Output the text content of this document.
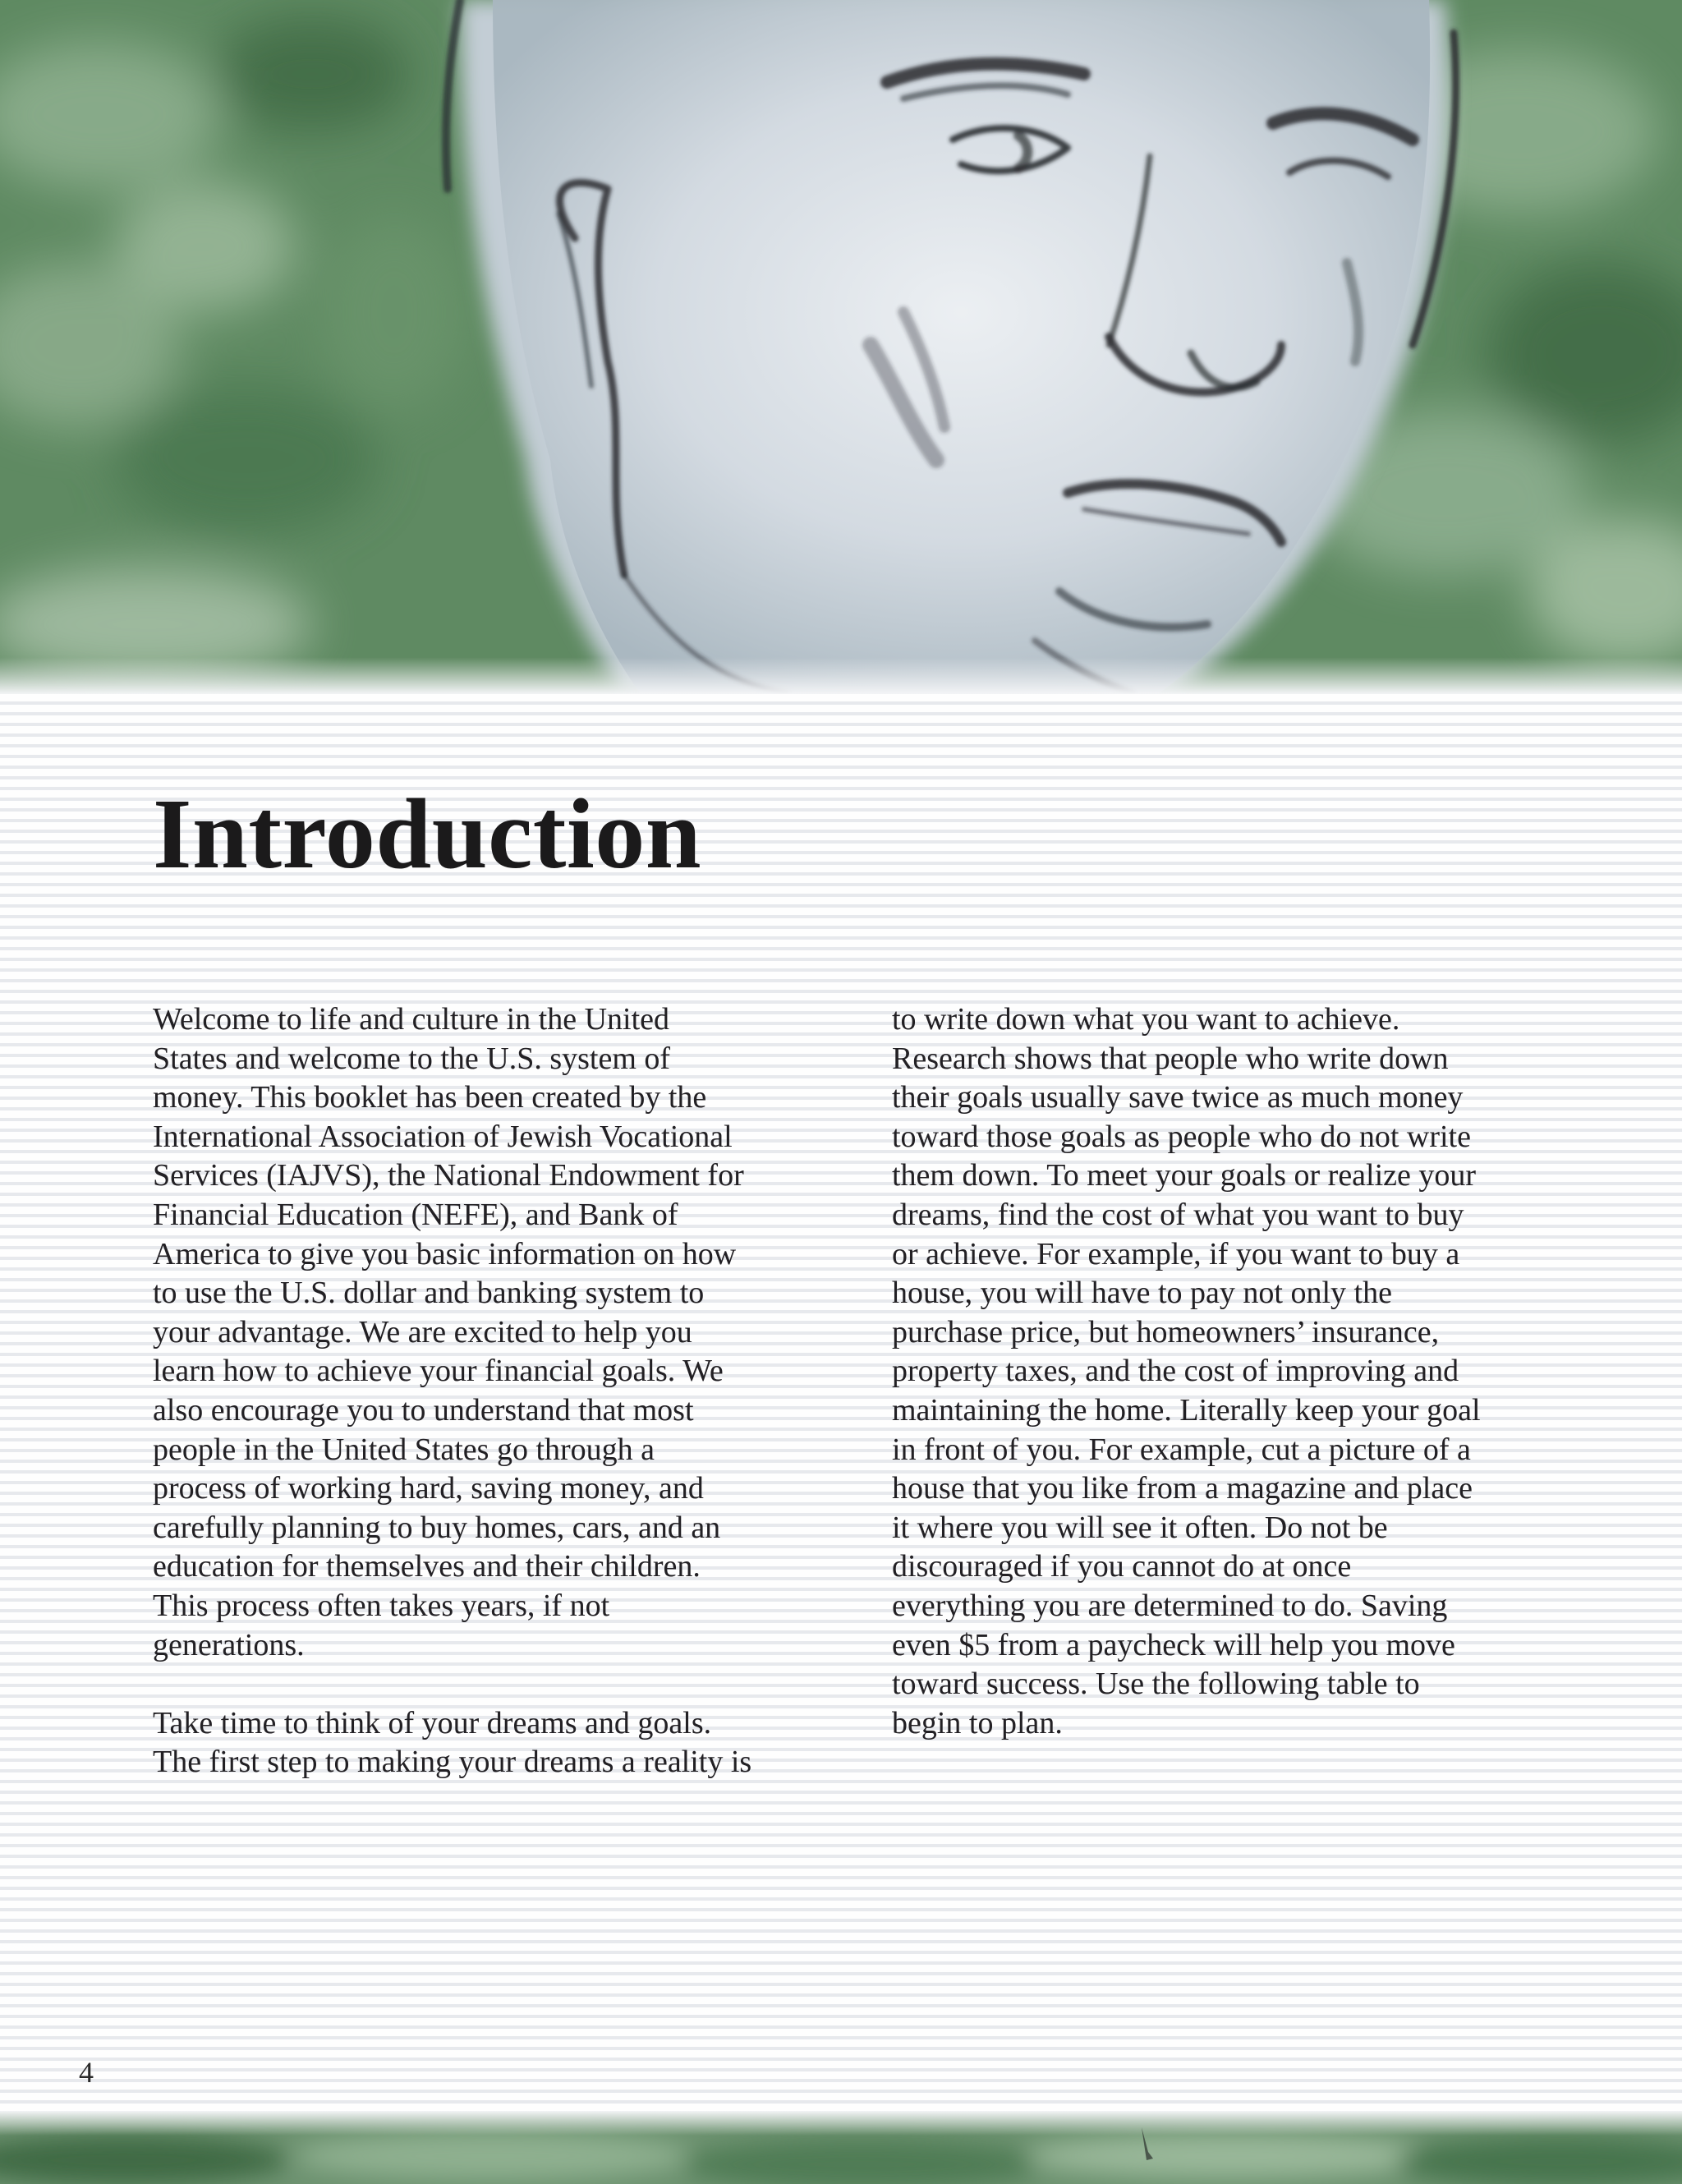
Introduction
Welcome to life and culture in the United
States and welcome to the U.S. system of
money. This booklet has been created by the
International Association of Jewish Vocational
Services (IAJVS), the National Endowment for
Financial Education (NEFE), and Bank of
America to give you basic information on how
to use the U.S. dollar and banking system to
your advantage. We are excited to help you
learn how to achieve your financial goals. We
also encourage you to understand that most
people in the United States go through a
process of working hard, saving money, and
carefully planning to buy homes, cars, and an
education for themselves and their children.
This process often takes years, if not
generations.
Take time to think of your dreams and goals.
The first step to making your dreams a reality is
to write down what you want to achieve.
Research shows that people who write down
their goals usually save twice as much money
toward those goals as people who do not write
them down. To meet your goals or realize your
dreams, find the cost of what you want to buy
or achieve. For example, if you want to buy a
house, you will have to pay not only the
purchase price, but homeowners’ insurance,
property taxes, and the cost of improving and
maintaining the home. Literally keep your goal
in front of you. For example, cut a picture of a
house that you like from a magazine and place
it where you will see it often. Do not be
discouraged if you cannot do at once
everything you are determined to do. Saving
even $5 from a paycheck will help you move
toward success. Use the following table to
begin to plan.
4
